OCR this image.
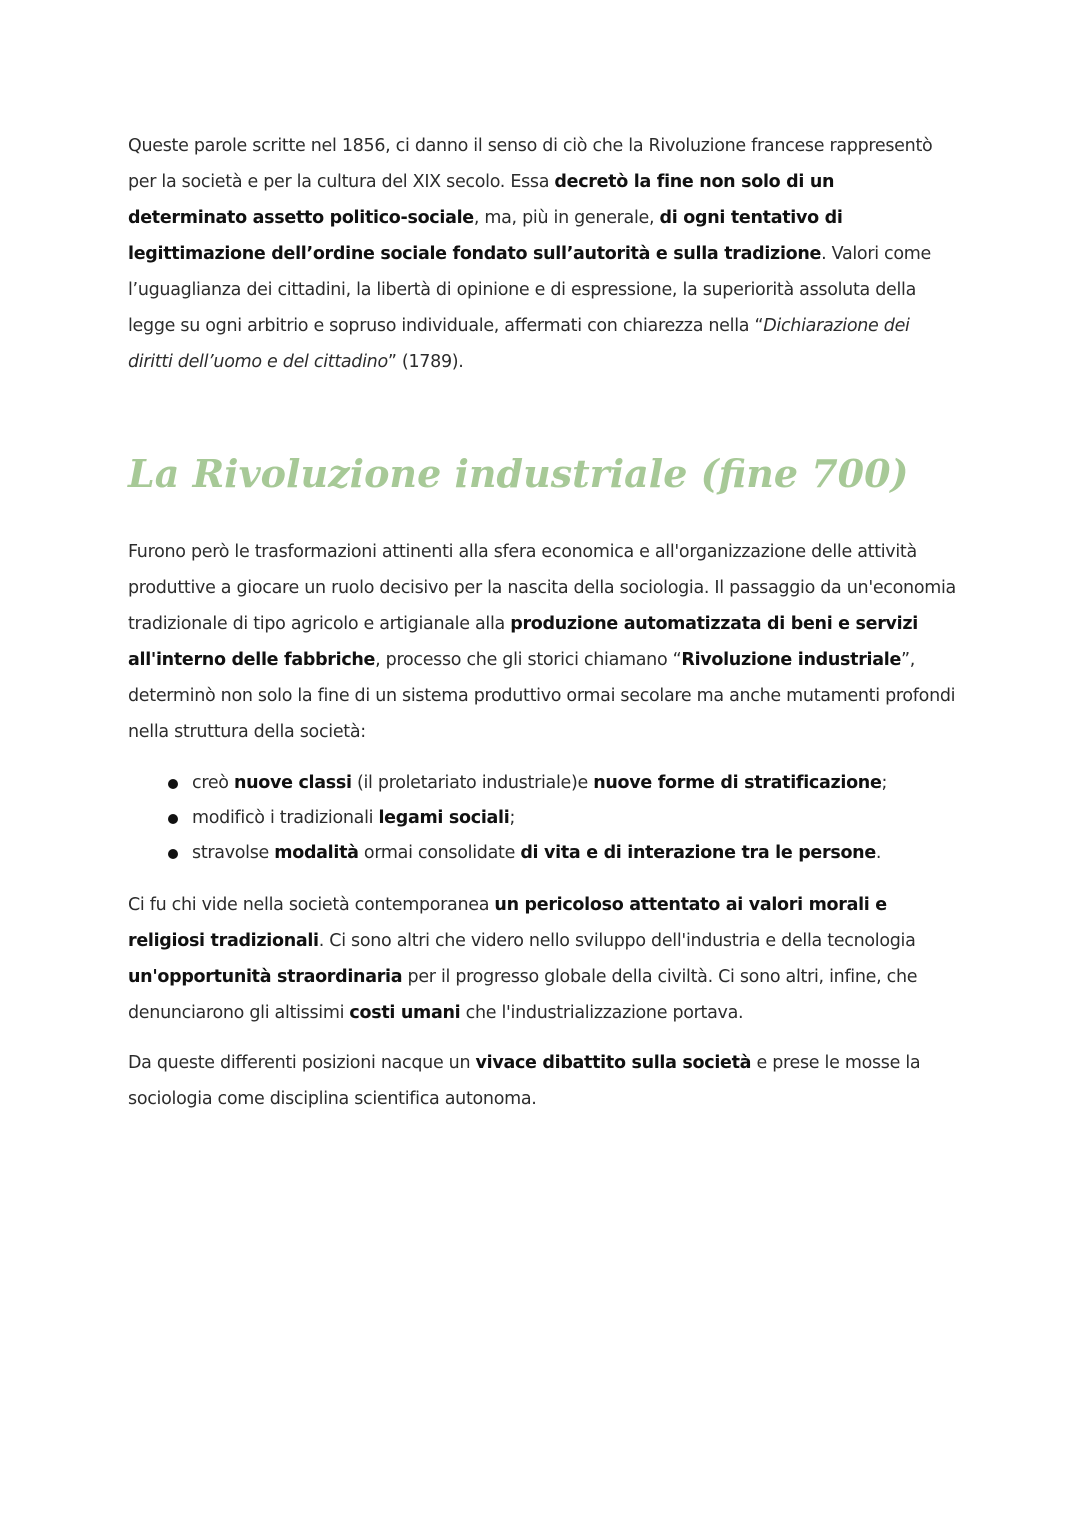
Queste parole scritte nel 1856, ci danno il senso di ciò che la Rivoluzione francese rappresentò per la società e per la cultura del XIX secolo. Essa decretò la fine non solo di un determinato assetto politico-sociale, ma, più in generale, di ogni tentativo di legittimazione dell’ordine sociale fondato sull’autorità e sulla tradizione. Valori come l’uguaglianza dei cittadini, la libertà di opinione e di espressione, la superiorità assoluta della legge su ogni arbitrio e sopruso individuale, affermati con chiarezza nella “Dichiarazione dei diritti dell’uomo e del cittadino” (1789).

La Rivoluzione industriale (fine 700)

Furono però le trasformazioni attinenti alla sfera economica e all'organizzazione delle attività produttive a giocare un ruolo decisivo per la nascita della sociologia. Il passaggio da un'economia tradizionale di tipo agricolo e artigianale alla produzione automatizzata di beni e servizi all'interno delle fabbriche, processo che gli storici chiamano “Rivoluzione industriale”, determinò non solo la fine di un sistema produttivo ormai secolare ma anche mutamenti profondi nella struttura della società:

creò nuove classi (il proletariato industriale)e nuove forme di stratificazione;
modificò i tradizionali legami sociali;
stravolse modalità ormai consolidate di vita e di interazione tra le persone.

Ci fu chi vide nella società contemporanea un pericoloso attentato ai valori morali e religiosi tradizionali. Ci sono altri che videro nello sviluppo dell'industria e della tecnologia un'opportunità straordinaria per il progresso globale della civiltà. Ci sono altri, infine, che denunciarono gli altissimi costi umani che l'industrializzazione portava.

Da queste differenti posizioni nacque un vivace dibattito sulla società e prese le mosse la sociologia come disciplina scientifica autonoma.
